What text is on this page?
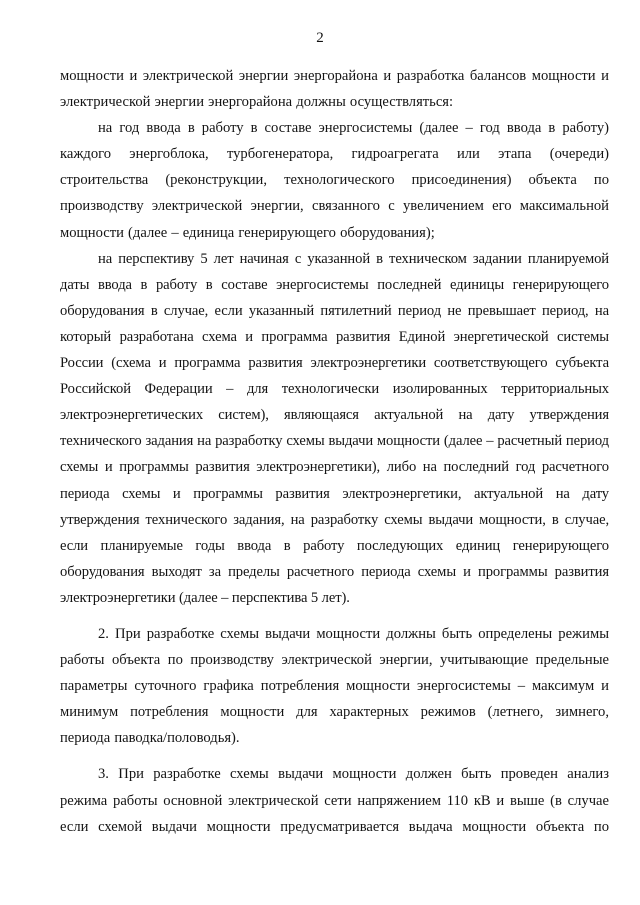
2

мощности и электрической энергии энергорайона и разработка балансов мощности и электрической энергии энергорайона должны осуществляться:

на год ввода в работу в составе энергосистемы (далее – год ввода в работу) каждого энергоблока, турбогенератора, гидроагрегата или этапа (очереди) строительства (реконструкции, технологического присоединения) объекта по производству электрической энергии, связанного с увеличением его максимальной мощности (далее – единица генерирующего оборудования);

на перспективу 5 лет начиная с указанной в техническом задании планируемой даты ввода в работу в составе энергосистемы последней единицы генерирующего оборудования в случае, если указанный пятилетний период не превышает период, на который разработана схема и программа развития Единой энергетической системы России (схема и программа развития электроэнергетики соответствующего субъекта Российской Федерации – для технологически изолированных территориальных электроэнергетических систем), являющаяся актуальной на дату утверждения технического задания на разработку схемы выдачи мощности (далее – расчетный период схемы и программы развития электроэнергетики), либо на последний год расчетного периода схемы и программы развития электроэнергетики, актуальной на дату утверждения технического задания, на разработку схемы выдачи мощности, в случае, если планируемые годы ввода в работу последующих единиц генерирующего оборудования выходят за пределы расчетного периода схемы и программы развития электроэнергетики (далее – перспектива 5 лет).

2. При разработке схемы выдачи мощности должны быть определены режимы работы объекта по производству электрической энергии, учитывающие предельные параметры суточного графика потребления мощности энергосистемы – максимум и минимум потребления мощности для характерных режимов (летнего, зимнего, периода паводка/половодья).

3. При разработке схемы выдачи мощности должен быть проведен анализ режима работы основной электрической сети напряжением 110 кВ и выше (в случае если схемой выдачи мощности предусматривается выдача мощности объекта по
